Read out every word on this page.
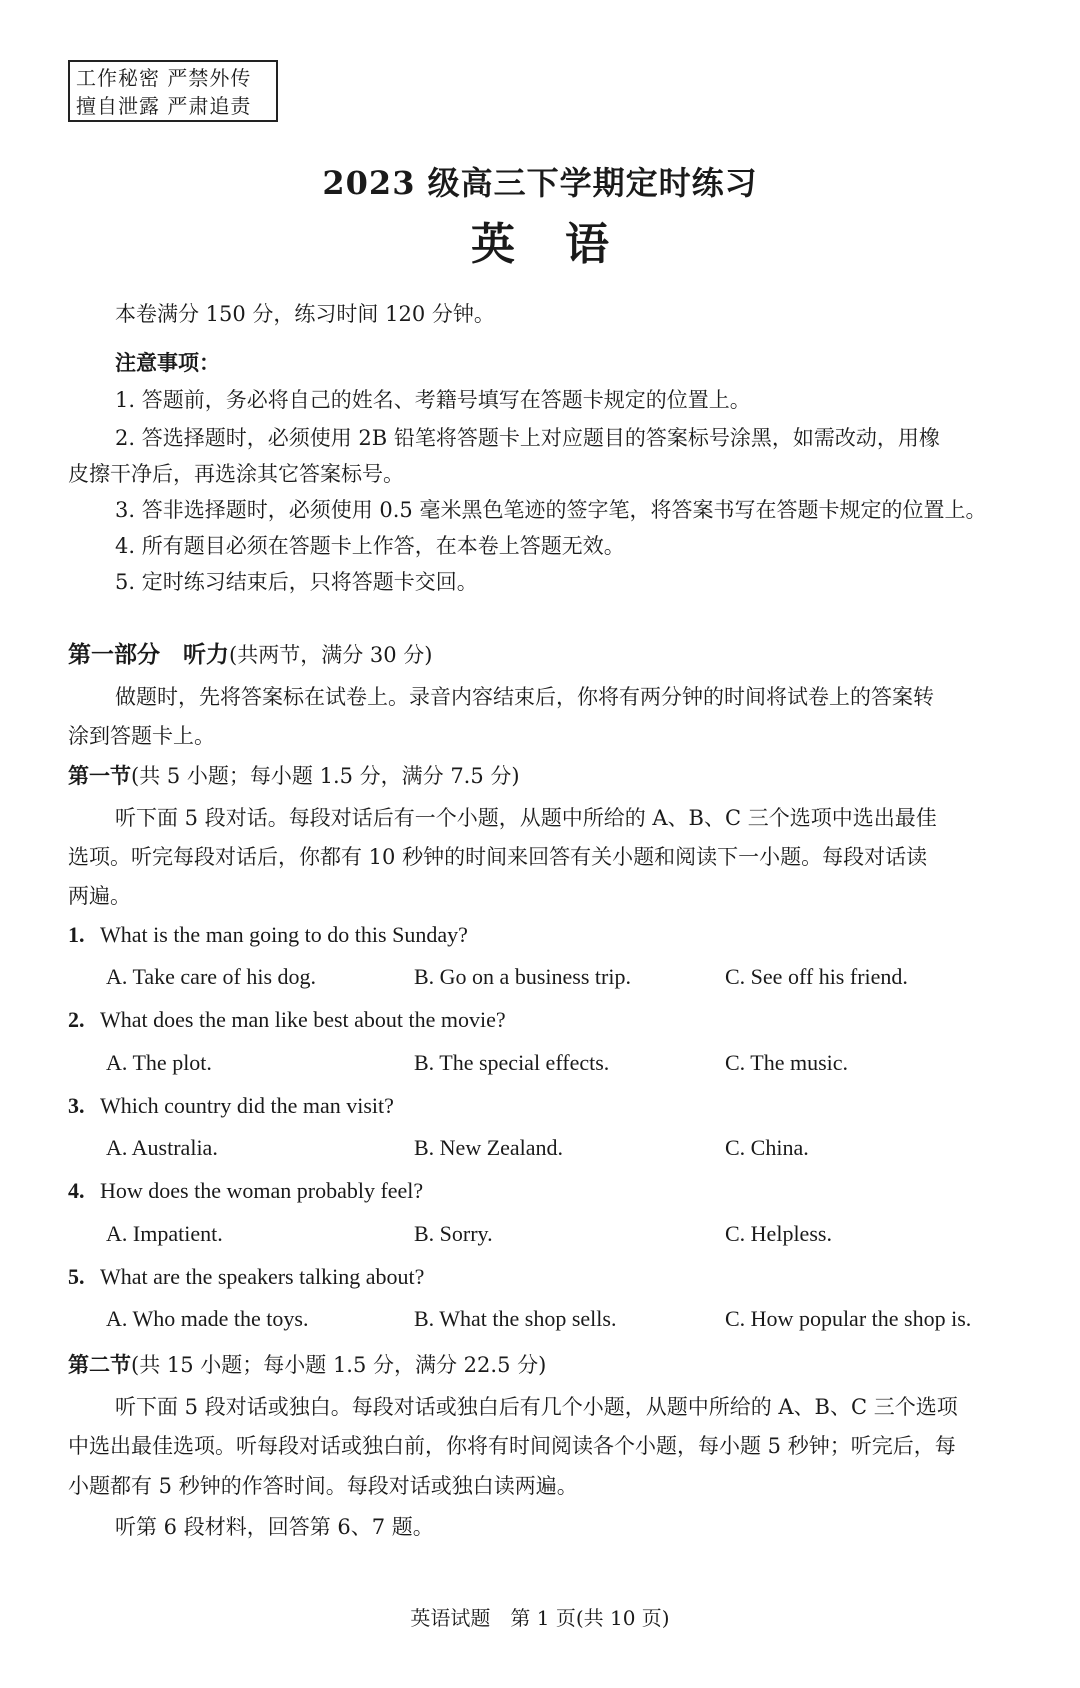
工作秘密 严禁外传
擅自泄露 严肃追责
2023 级高三下学期定时练习
英语
本卷满分 150 分，练习时间 120 分钟。
注意事项：
1. 答题前，务必将自己的姓名、考籍号填写在答题卡规定的位置上。
2. 答选择题时，必须使用 2B 铅笔将答题卡上对应题目的答案标号涂黑，如需改动，用橡
皮擦干净后，再选涂其它答案标号。
3. 答非选择题时，必须使用 0.5 毫米黑色笔迹的签字笔，将答案书写在答题卡规定的位置上。
4. 所有题目必须在答题卡上作答，在本卷上答题无效。
5. 定时练习结束后，只将答题卡交回。
第一部分　听力(共两节，满分 30 分)
做题时，先将答案标在试卷上。录音内容结束后，你将有两分钟的时间将试卷上的答案转
涂到答题卡上。
第一节(共 5 小题；每小题 1.5 分，满分 7.5 分)
听下面 5 段对话。每段对话后有一个小题，从题中所给的 A、B、C 三个选项中选出最佳
选项。听完每段对话后，你都有 10 秒钟的时间来回答有关小题和阅读下一小题。每段对话读
两遍。
1. What is the man going to do this Sunday?
A. Take care of his dog.	B. Go on a business trip.	C. See off his friend.
2. What does the man like best about the movie?
A. The plot.	B. The special effects.	C. The music.
3. Which country did the man visit?
A. Australia.	B. New Zealand.	C. China.
4. How does the woman probably feel?
A. Impatient.	B. Sorry.	C. Helpless.
5. What are the speakers talking about?
A. Who made the toys.	B. What the shop sells.	C. How popular the shop is.
第二节(共 15 小题；每小题 1.5 分，满分 22.5 分)
听下面 5 段对话或独白。每段对话或独白后有几个小题，从题中所给的 A、B、C 三个选项
中选出最佳选项。听每段对话或独白前，你将有时间阅读各个小题，每小题 5 秒钟；听完后，每
小题都有 5 秒钟的作答时间。每段对话或独白读两遍。
听第 6 段材料，回答第 6、7 题。
英语试题　第 1 页(共 10 页)
